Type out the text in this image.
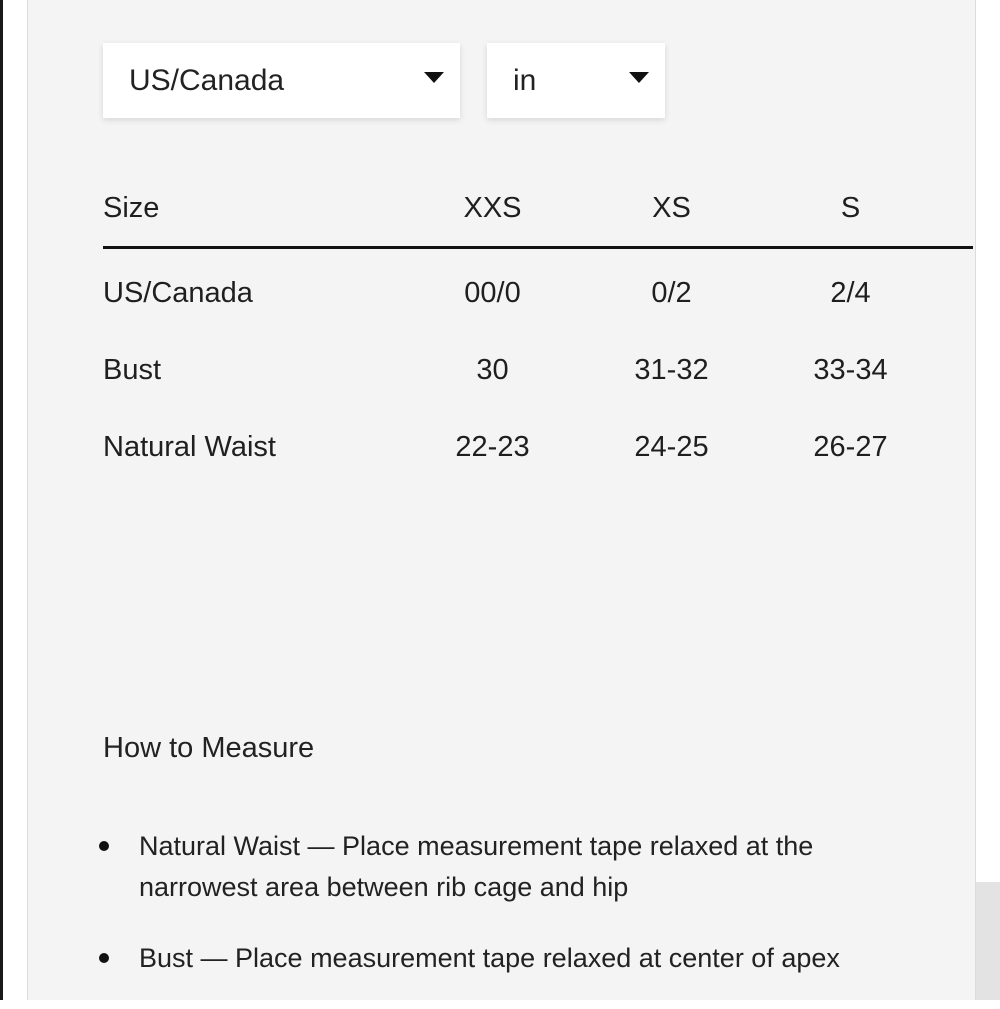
US/Canada	in
Size	XXS	XS	S	
US/Canada	00/0	0/2	2/4	
Bust	30	31-32	33-34	
Natural Waist	22-23	24-25	26-27	
How to Measure
Natural Waist — Place measurement tape relaxed at the narrowest area between rib cage and hip
Bust — Place measurement tape relaxed at center of apex
